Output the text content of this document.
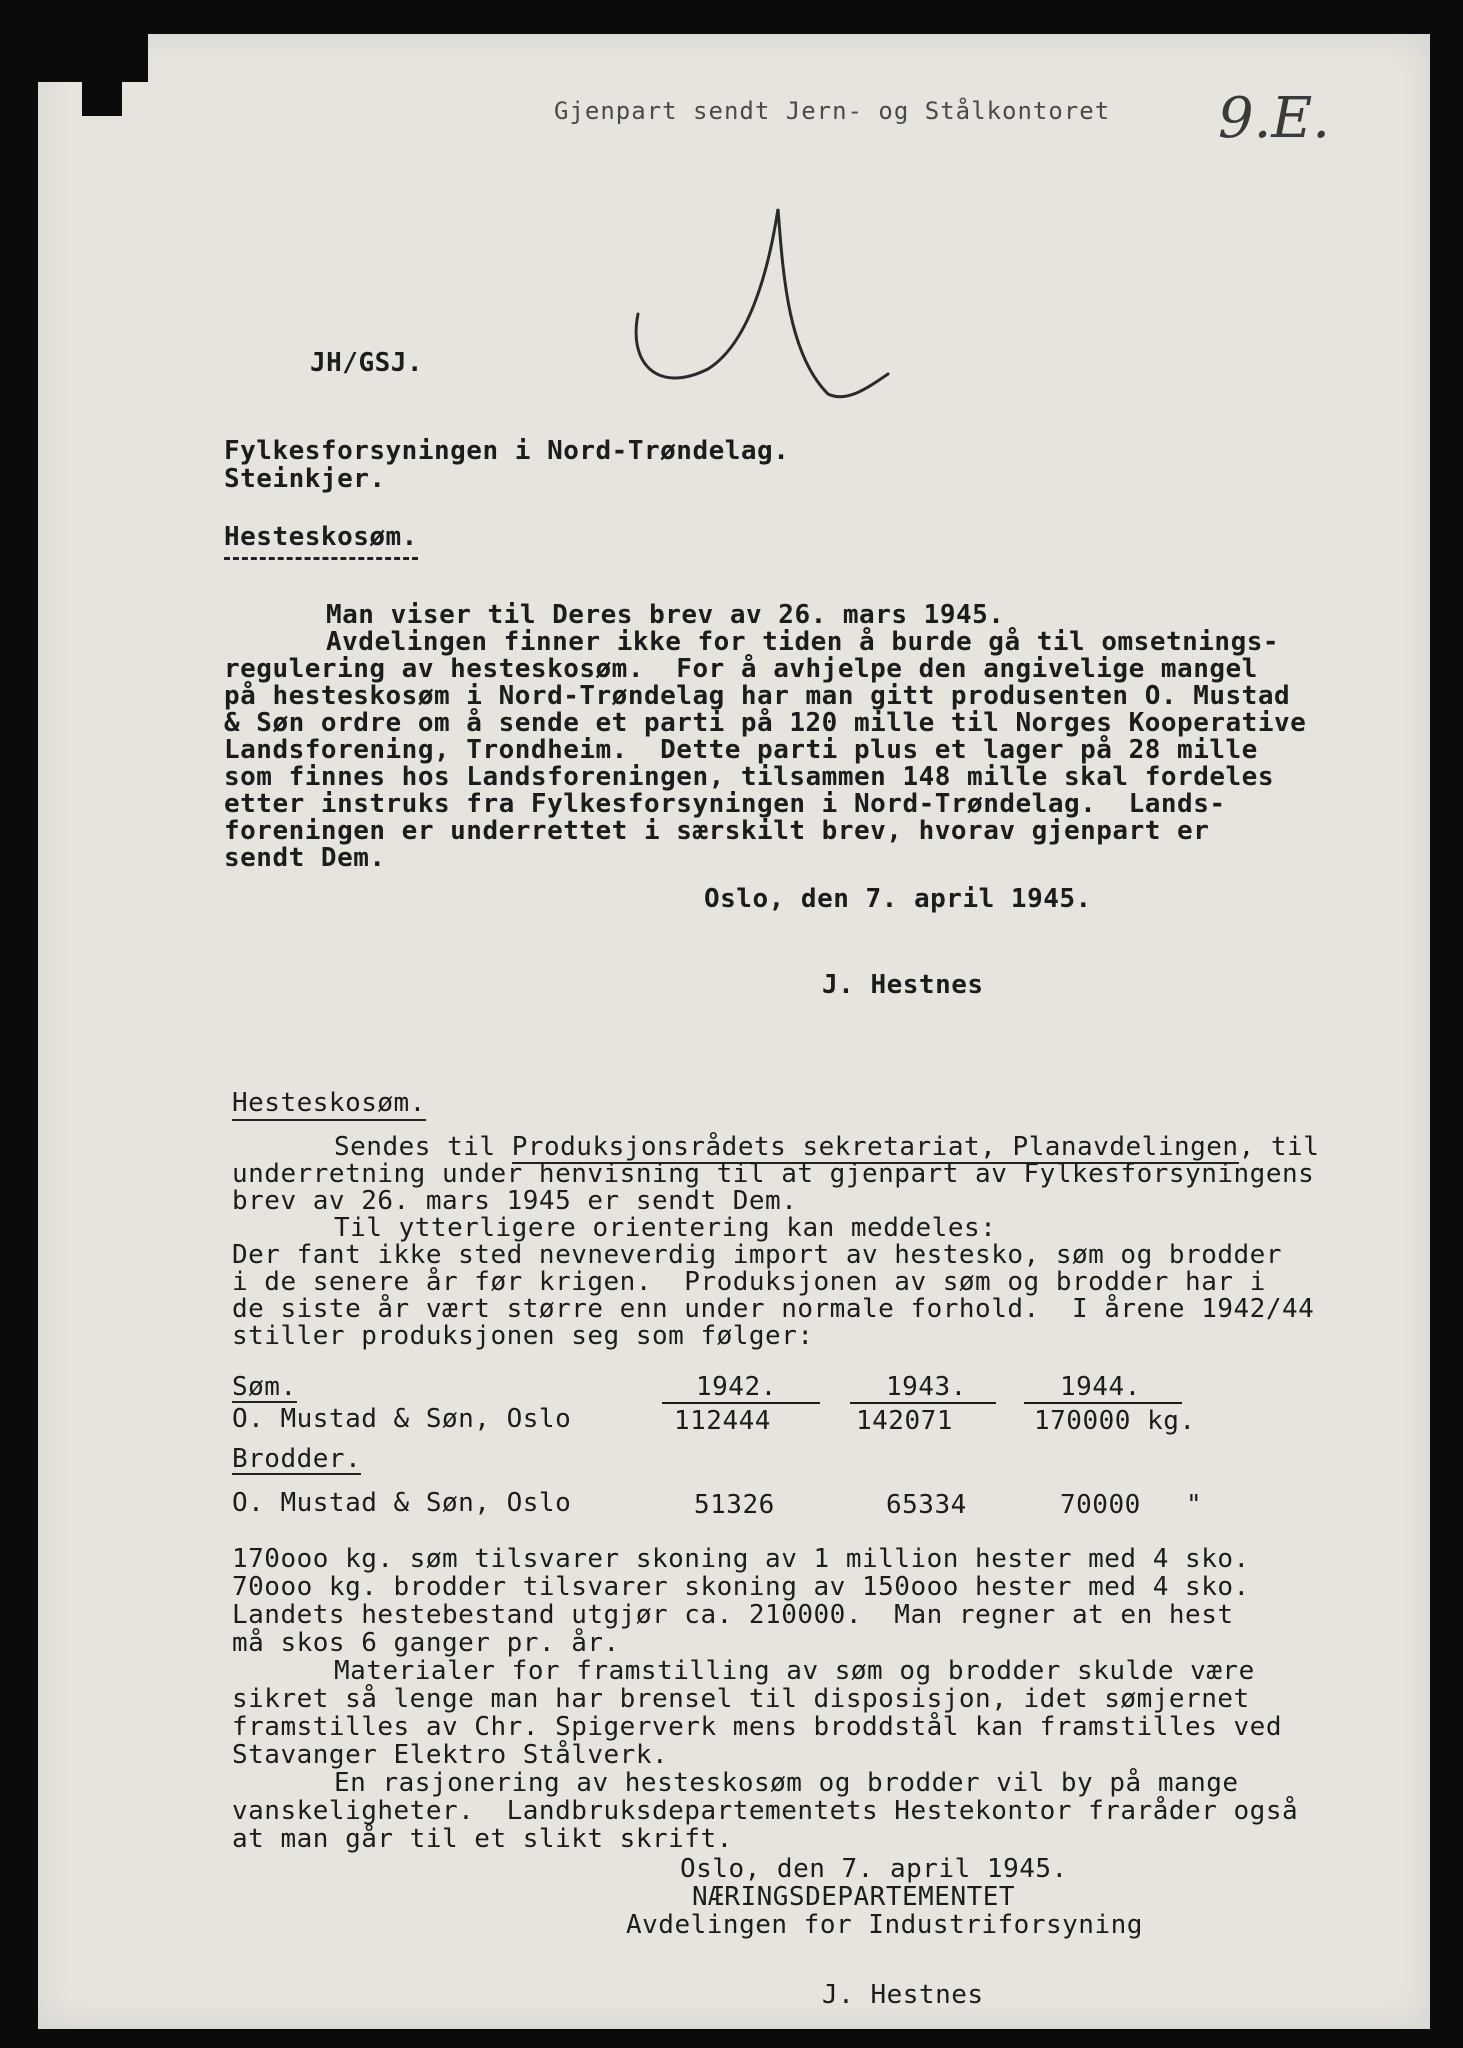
Gjenpart sendt Jern- og Stålkontoret 9.E.
JH/GSJ.
Fylkesforsyningen i Nord-Trøndelag.
Steinkjer.
Hesteskosøm.
Man viser til Deres brev av 26. mars 1945.
Avdelingen finner ikke for tiden å burde gå til omsetnings-
regulering av hesteskosøm.  For å avhjelpe den angivelige mangel
på hesteskosøm i Nord-Trøndelag har man gitt produsenten O. Mustad
& Søn ordre om å sende et parti på 120 mille til Norges Kooperative
Landsforening, Trondheim.  Dette parti plus et lager på 28 mille
som finnes hos Landsforeningen, tilsammen 148 mille skal fordeles
etter instruks fra Fylkesforsyningen i Nord-Trøndelag.  Lands-
foreningen er underrettet i særskilt brev, hvorav gjenpart er
sendt Dem.
Oslo, den 7. april 1945.
J. Hestnes
Hesteskosøm.
Sendes til Produksjonsrådets sekretariat, Planavdelingen, til
underretning under henvisning til at gjenpart av Fylkesforsyningens
brev av 26. mars 1945 er sendt Dem.
Til ytterligere orientering kan meddeles:
Der fant ikke sted nevneverdig import av hestesko, søm og brodder
i de senere år før krigen.  Produksjonen av søm og brodder har i
de siste år vært større enn under normale forhold.  I årene 1942/44
stiller produksjonen seg som følger:
Søm.	1942.	1943.	1944.
O. Mustad & Søn, Oslo	112444	142071	170000 kg.
Brodder.
O. Mustad & Søn, Oslo	51326	65334	70000 "
170ooo kg. søm tilsvarer skoning av 1 million hester med 4 sko.
70ooo kg. brodder tilsvarer skoning av 150ooo hester med 4 sko.
Landets hestebestand utgjør ca. 210000.  Man regner at en hest
må skos 6 ganger pr. år.
Materialer for framstilling av søm og brodder skulde være
sikret så lenge man har brensel til disposisjon, idet sømjernet
framstilles av Chr. Spigerverk mens broddstål kan framstilles ved
Stavanger Elektro Stålverk.
En rasjonering av hesteskosøm og brodder vil by på mange
vanskeligheter.  Landbruksdepartementets Hestekontor fraråder også
at man går til et slikt skrift.
Oslo, den 7. april 1945.
NÆRINGSDEPARTEMENTET
Avdelingen for Industriforsyning
J. Hestnes
